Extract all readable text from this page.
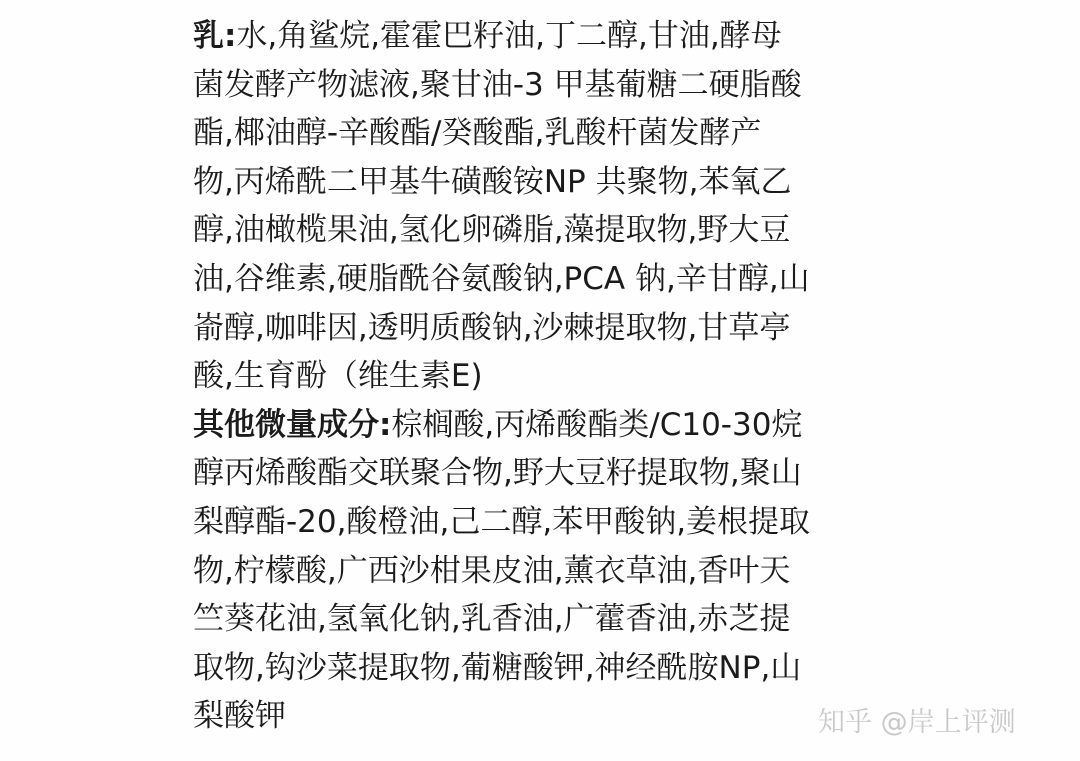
乳:水,角鲨烷,霍霍巴籽油,丁二醇,甘油,酵母
菌发酵产物滤液,聚甘油-3 甲基葡糖二硬脂酸
酯,椰油醇-辛酸酯/癸酸酯,乳酸杆菌发酵产
物,丙烯酰二甲基牛磺酸铵NP 共聚物,苯氧乙
醇,油橄榄果油,氢化卵磷脂,藻提取物,野大豆
油,谷维素,硬脂酰谷氨酸钠,PCA 钠,辛甘醇,山
嵛醇,咖啡因,透明质酸钠,沙棘提取物,甘草亭
酸,生育酚（维生素E)
其他微量成分:棕榈酸,丙烯酸酯类/C10-30烷
醇丙烯酸酯交联聚合物,野大豆籽提取物,聚山
梨醇酯-20,酸橙油,己二醇,苯甲酸钠,姜根提取
物,柠檬酸,广西沙柑果皮油,薰衣草油,香叶天
竺葵花油,氢氧化钠,乳香油,广藿香油,赤芝提
取物,钩沙菜提取物,葡糖酸钾,神经酰胺NP,山
梨酸钾	知乎 @岸上评测
